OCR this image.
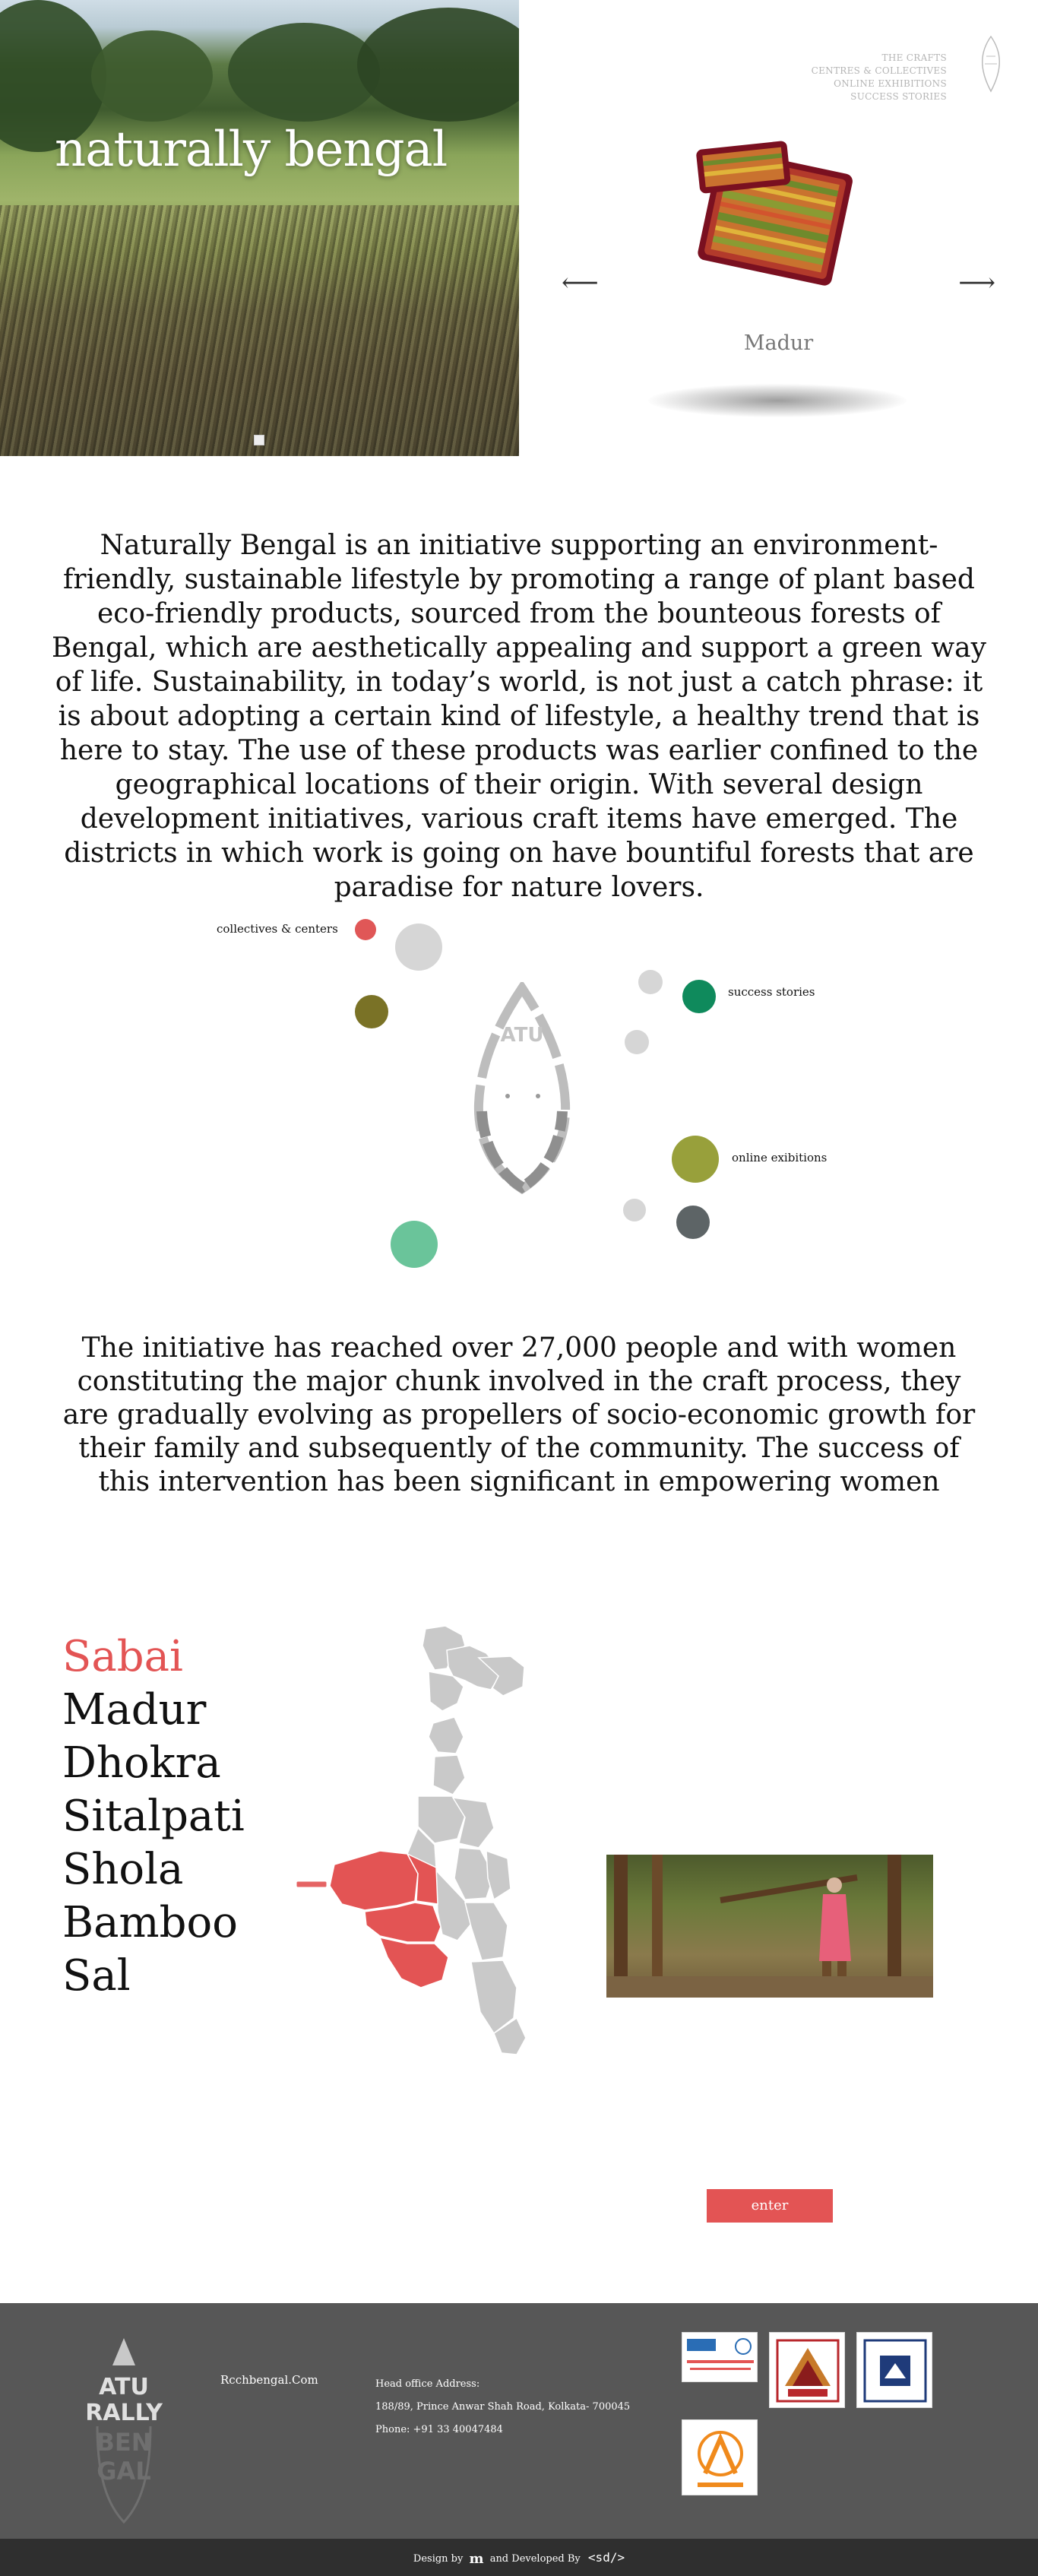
naturally bengal
THE CRAFTS
CENTRES & COLLECTIVES
ONLINE EXHIBITIONS
SUCCESS STORIES
⟵	⟶
Madur

Naturally Bengal is an initiative supporting an environment-friendly, sustainable lifestyle by promoting a range of plant based eco-friendly products, sourced from the bounteous forests of Bengal, which are aesthetically appealing and support a green way of life. Sustainability, in today’s world, is not just a catch phrase: it is about adopting a certain kind of lifestyle, a healthy trend that is here to stay. The use of these products was earlier confined to the geographical locations of their origin. With several design development initiatives, various craft items have emerged. The districts in which work is going on have bountiful forests that are paradise for nature lovers.

collectives & centers
success stories
online exibitions
ATU

The initiative has reached over 27,000 people and with women constituting the major chunk involved in the craft process, they are gradually evolving as propellers of socio-economic growth for their family and subsequently of the community. The success of this intervention has been significant in empowering women

Sabai
Madur
Dhokra
Sitalpati
Shola
Bamboo
Sal
enter
ATU
RALLY
BEN
GAL
Rcchbengal.Com	Head office Address:
188/89, Prince Anwar Shah Road, Kolkata- 700045
Phone: +91 33 40047484
Design by m and Developed By <sd/>
